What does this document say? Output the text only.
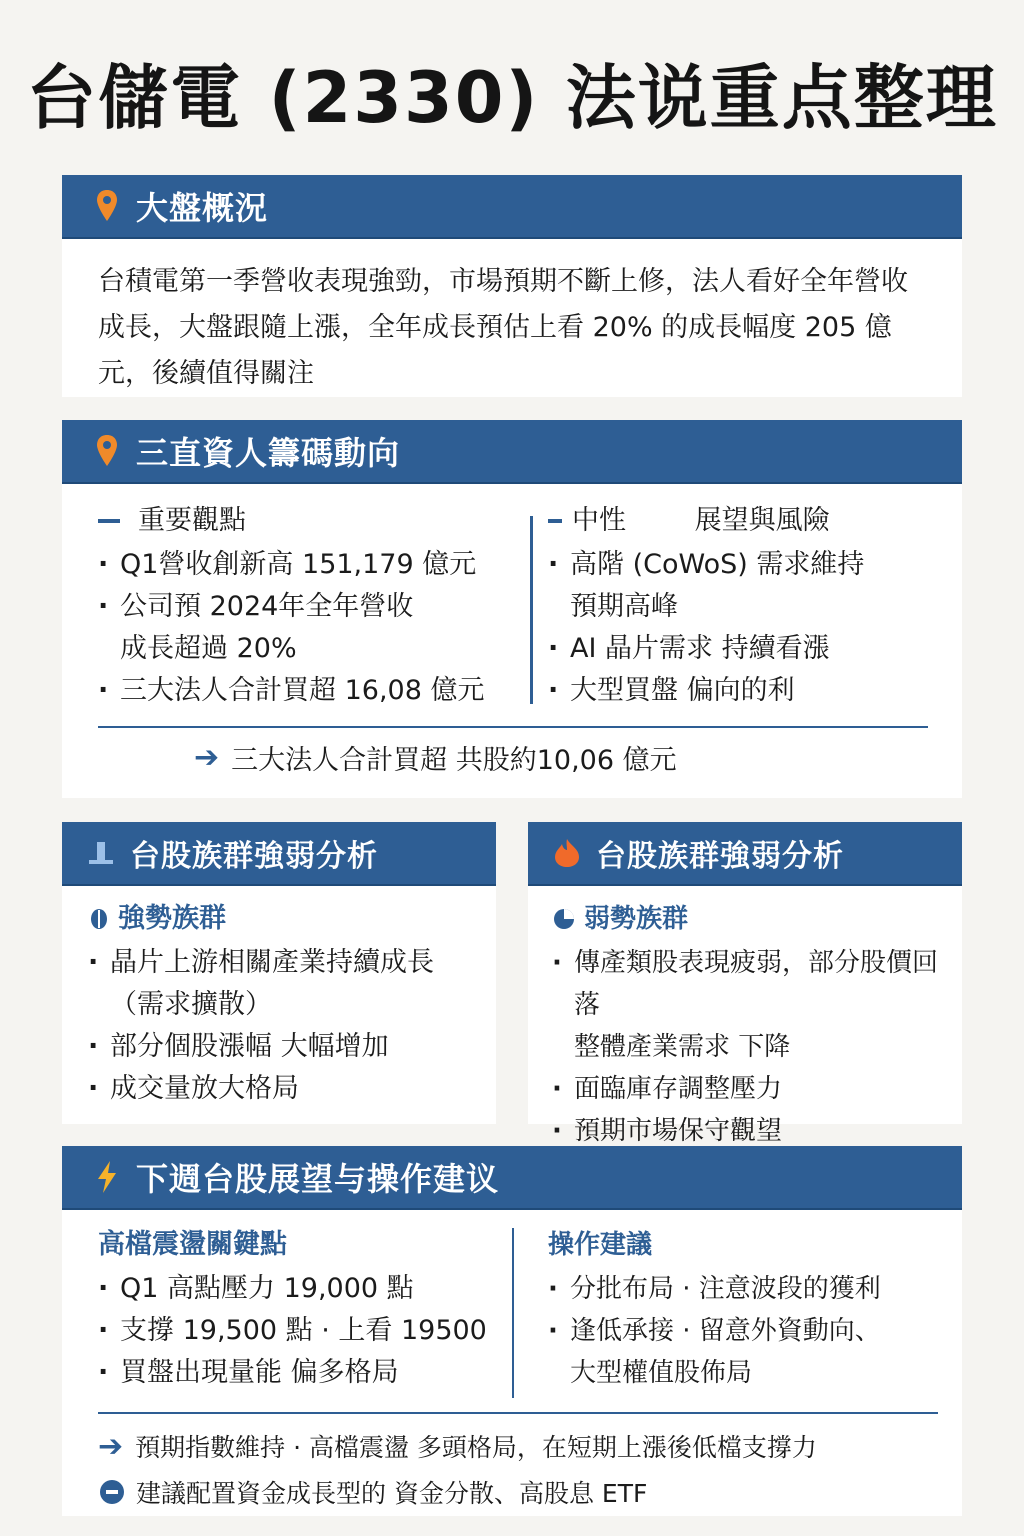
台儲電 (2330) 法说重点整理
大盤概況
台積電第一季營收表現強勁，市場預期不斷上修，法人看好全年營收成長，大盤跟隨上漲，全年成長預估上看 20% 的成長幅度 205 億元，後續值得關注
三直資人籌碼動向
重要觀點
· Q1營收創新高 151,179 億元
· 公司預 2024年全年營收
成長超過 20%
· 三大法人合計買超 16,08 億元
中性        展望與風險
· 高階 (CoWoS) 需求維持
預期高峰
· AI 晶片需求 持續看漲
· 大型買盤 偏向的利
➔ 三大法人合計買超 共股約10,06 億元
台股族群強弱分析
強勢族群
· 晶片上游相關產業持續成長
（需求擴散）
· 部分個股漲幅 大幅增加
· 成交量放大格局
台股族群強弱分析
弱勢族群
· 傳產類股表現疲弱，部分股價回落
整體產業需求 下降
· 面臨庫存調整壓力
· 預期市場保守觀望
下週台股展望与操作建议
高檔震盪關鍵點
· Q1 高點壓力 19,000 點
· 支撐 19,500 點 · 上看 19500
· 買盤出現量能 偏多格局
操作建議
· 分批布局 · 注意波段的獲利
· 逢低承接 · 留意外資動向、
大型權值股佈局
➔ 預期指數維持 · 高檔震盪 多頭格局，在短期上漲後低檔支撐力
建議配置資金成長型的 資金分散、高股息 ETF
